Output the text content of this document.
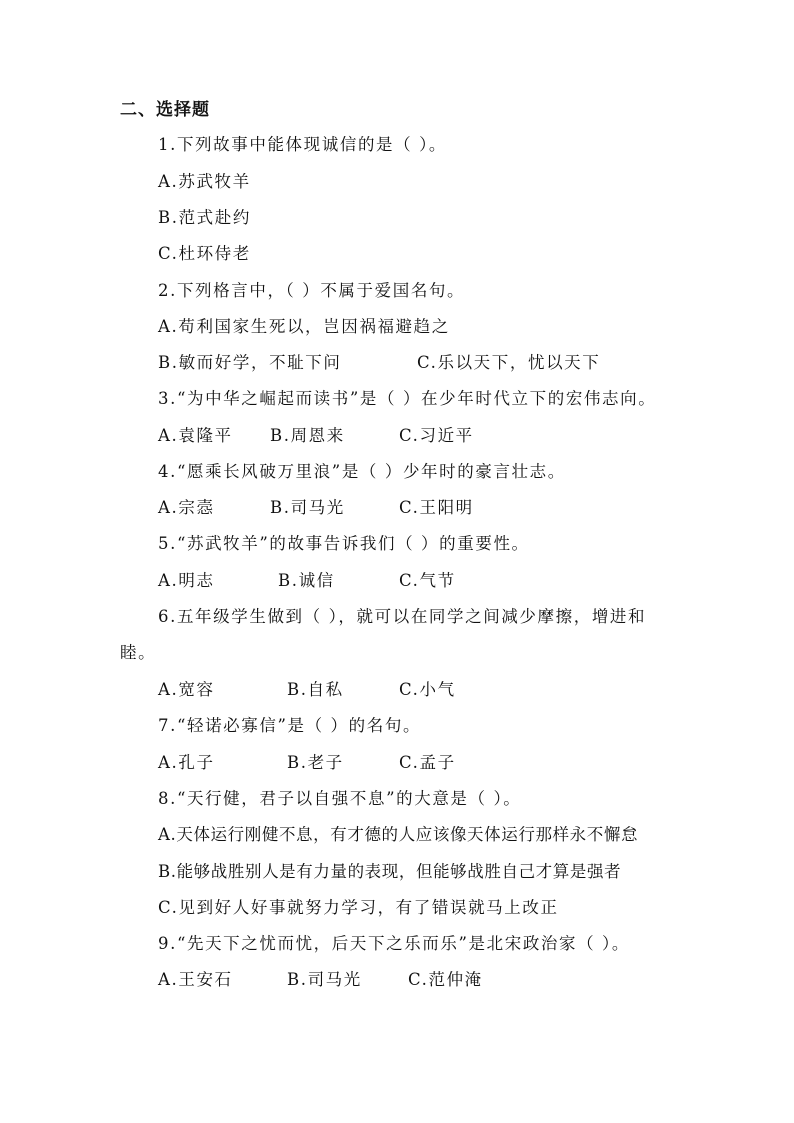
二、选择题
1.下列故事中能体现诚信的是（ ）。
A.苏武牧羊
B.范式赴约
C.杜环侍老
2.下列格言中，（ ）不属于爱国名句。
A.苟利国家生死以，岂因祸福避趋之
B.敏而好学，不耻下问	C.乐以天下，忧以天下
3.“为中华之崛起而读书”是（ ）在少年时代立下的宏伟志向。
A.袁隆平 B.周恩来	C.习近平
4.“愿乘长风破万里浪”是（ ）少年时的豪言壮志。
A.宗悫	B.司马光	C.王阳明
5.“苏武牧羊”的故事告诉我们（ ）的重要性。
A.明志	B.诚信	C.气节
6.五年级学生做到（ ），就可以在同学之间减少摩擦，增进和
睦。
A.宽容	B.自私	C.小气
7.“轻诺必寡信”是（ ）的名句。
A.孔子	B.老子	C.孟子
8.“天行健，君子以自强不息”的大意是（ ）。
A.天体运行刚健不息，有才德的人应该像天体运行那样永不懈怠
B.能够战胜别人是有力量的表现，但能够战胜自己才算是强者
C.见到好人好事就努力学习，有了错误就马上改正
9.“先天下之忧而忧，后天下之乐而乐”是北宋政治家（ ）。
A.王安石	B.司马光	C.范仲淹
